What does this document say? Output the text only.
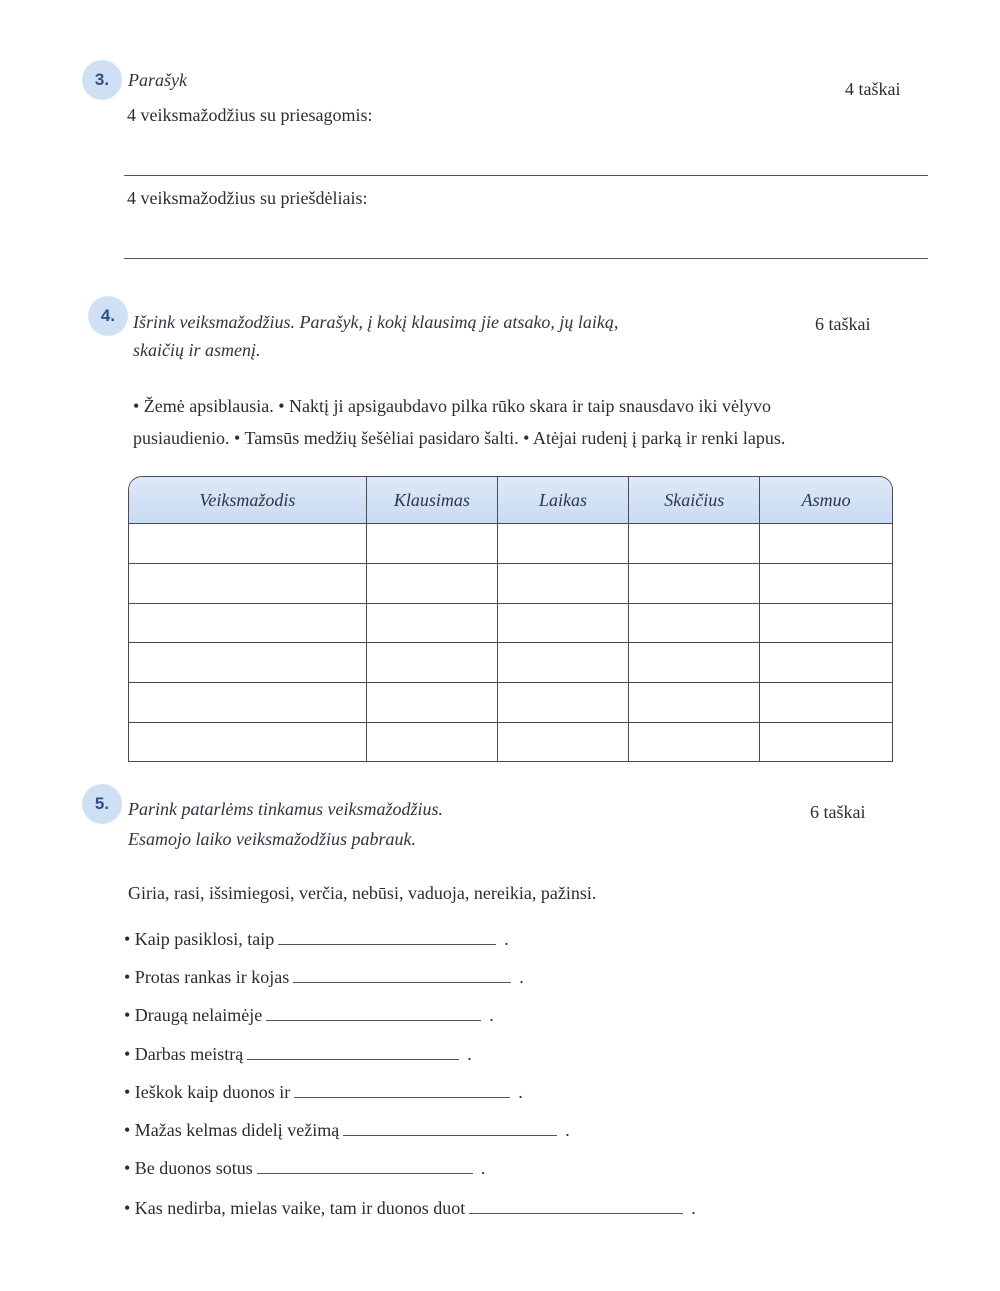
3.	Parašyk	4 taškai
4 veiksmažodžius su priesagomis:
4 veiksmažodžius su priešdėliais:
4. Išrink veiksmažodžius. Parašyk, į kokį klausimą jie atsako, jų laiką,
skaičių ir asmenį.
6 taškai
• Žemė apsiblausia. • Naktį ji apsigaubdavo pilka rūko skara ir taip snausdavo iki vėlyvo
pusiaudienio. • Tamsūs medžių šešėliai pasidaro šalti. • Atėjai rudenį į parką ir renki lapus.
Veiksmažodis	Klausimas	Laikas	Skaičius	Asmuo

5.	Parink patarlėms tinkamus veiksmažodžius.
Esamojo laiko veiksmažodžius pabrauk.
6 taškai
Giria, rasi, išsimiegosi, verčia, nebūsi, vaduoja, nereikia, pažinsi.
• Kaip pasiklosi, taip	.
• Protas rankas ir kojas	.
• Draugą nelaimėje	.
• Darbas meistrą	.
• Ieškok kaip duonos ir	.
• Mažas kelmas didelį vežimą	.
• Be duonos sotus	.
• Kas nedirba, mielas vaike, tam ir duonos duot	.
